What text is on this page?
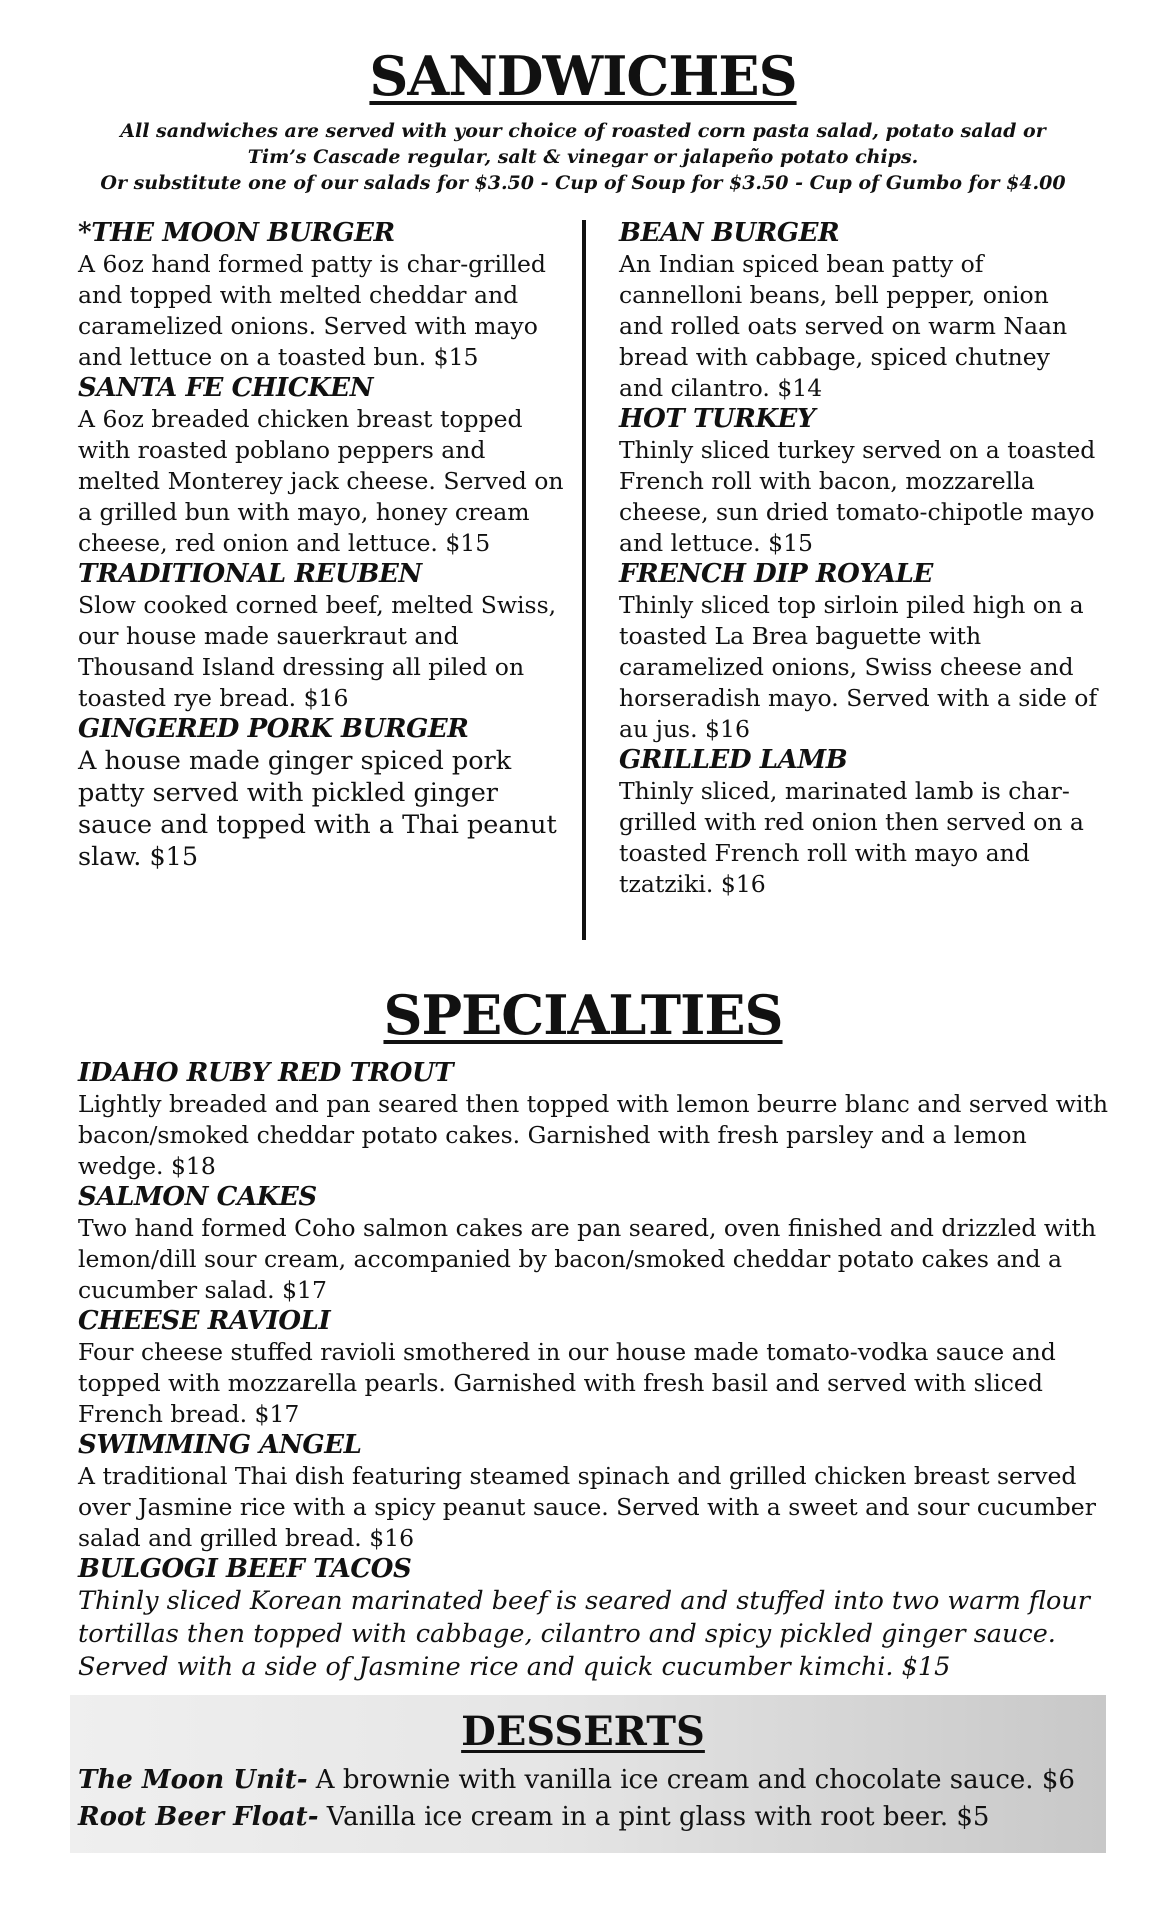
SANDWICHES
All sandwiches are served with your choice of roasted corn pasta salad, potato salad or
Tim’s Cascade regular, salt & vinegar or jalapeño potato chips.
Or substitute one of our salads for $3.50 - Cup of Soup for $3.50 - Cup of Gumbo for $4.00
*THE MOON BURGER
A 6oz hand formed patty is char-grilled and topped with melted cheddar and caramelized onions. Served with mayo and lettuce on a toasted bun. $15
SANTA FE CHICKEN
A 6oz breaded chicken breast topped with roasted poblano peppers and melted Monterey jack cheese. Served on a grilled bun with mayo, honey cream cheese, red onion and lettuce. $15
TRADITIONAL REUBEN
Slow cooked corned beef, melted Swiss, our house made sauerkraut and Thousand Island dressing all piled on toasted rye bread. $16
GINGERED PORK BURGER
A house made ginger spiced pork patty served with pickled ginger sauce and topped with a Thai peanut slaw. $15
BEAN BURGER
An Indian spiced bean patty of cannelloni beans, bell pepper, onion and rolled oats served on warm Naan bread with cabbage, spiced chutney and cilantro. $14
HOT TURKEY
Thinly sliced turkey served on a toasted French roll with bacon, mozzarella cheese, sun dried tomato-chipotle mayo and lettuce. $15
FRENCH DIP ROYALE
Thinly sliced top sirloin piled high on a toasted La Brea baguette with caramelized onions, Swiss cheese and horseradish mayo. Served with a side of au jus. $16
GRILLED LAMB
Thinly sliced, marinated lamb is char-grilled with red onion then served on a toasted French roll with mayo and tzatziki. $16
SPECIALTIES
IDAHO RUBY RED TROUT
Lightly breaded and pan seared then topped with lemon beurre blanc and served with bacon/smoked cheddar potato cakes. Garnished with fresh parsley and a lemon wedge. $18
SALMON CAKES
Two hand formed Coho salmon cakes are pan seared, oven finished and drizzled with lemon/dill sour cream, accompanied by bacon/smoked cheddar potato cakes and a cucumber salad. $17
CHEESE RAVIOLI
Four cheese stuffed ravioli smothered in our house made tomato-vodka sauce and topped with mozzarella pearls. Garnished with fresh basil and served with sliced French bread. $17
SWIMMING ANGEL
A traditional Thai dish featuring steamed spinach and grilled chicken breast served over Jasmine rice with a spicy peanut sauce. Served with a sweet and sour cucumber salad and grilled bread. $16
BULGOGI BEEF TACOS
Thinly sliced Korean marinated beef is seared and stuffed into two warm flour tortillas then topped with cabbage, cilantro and spicy pickled ginger sauce. Served with a side of Jasmine rice and quick cucumber kimchi. $15
DESSERTS
The Moon Unit- A brownie with vanilla ice cream and chocolate sauce. $6
Root Beer Float- Vanilla ice cream in a pint glass with root beer. $5
